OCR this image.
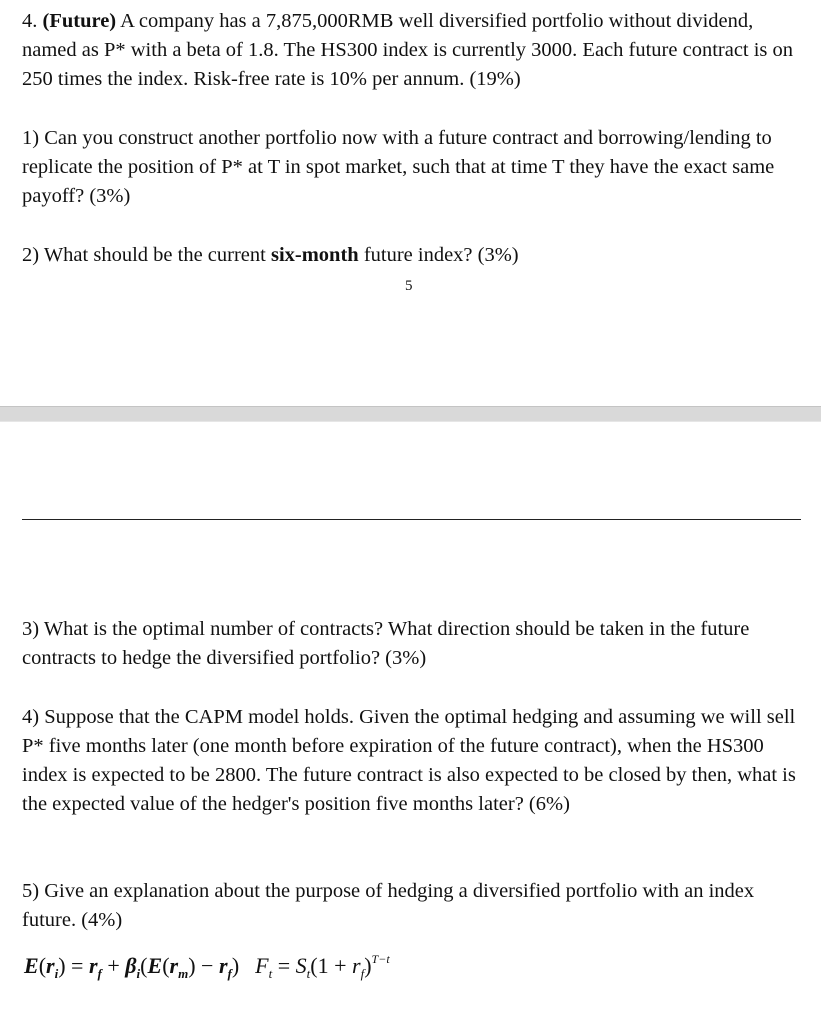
4. (Future) A company has a 7,875,000RMB well diversified portfolio without dividend, named as P* with a beta of 1.8. The HS300 index is currently 3000. Each future contract is on 250 times the index. Risk-free rate is 10% per annum. (19%)

1) Can you construct another portfolio now with a future contract and borrowing/lending to replicate the position of P* at T in spot market, such that at time T they have the exact same payoff? (3%)

2) What should be the current six-month future index? (3%)

5

3) What is the optimal number of contracts? What direction should be taken in the future contracts to hedge the diversified portfolio? (3%)

4) Suppose that the CAPM model holds. Given the optimal hedging and assuming we will sell P* five months later (one month before expiration of the future contract), when the HS300 index is expected to be 2800. The future contract is also expected to be closed by then, what is the expected value of the hedger's position five months later? (6%)

5) Give an explanation about the purpose of hedging a diversified portfolio with an index future. (4%)

$E(r_i) = r_f + \beta_i(E(r_m) - r_f) F_t = S_t(1 + r_f)^{T-t}$
